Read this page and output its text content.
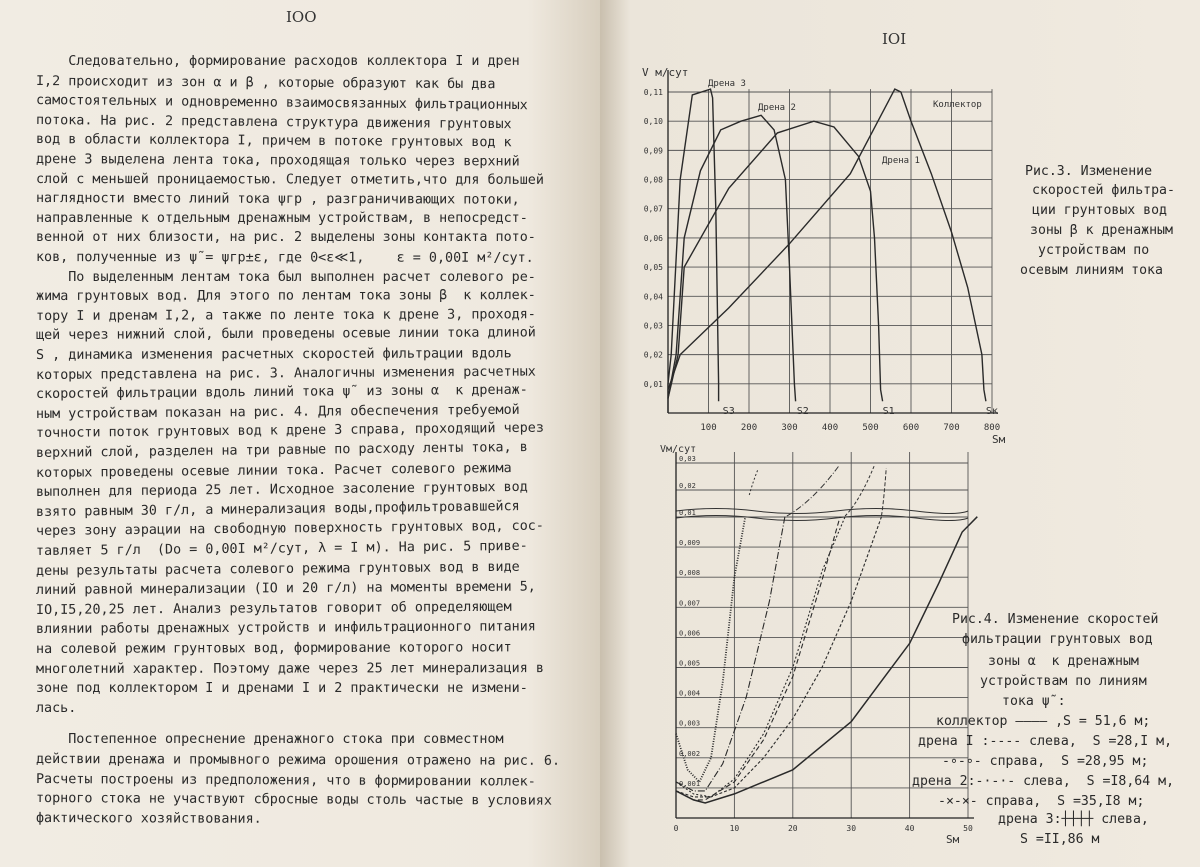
IOO
Следовательно, формирование расходов коллектора I и дрен
I,2 происходит из зон α и β , которые образуют как бы два
самостоятельных и одновременно взаимосвязанных фильтрационных
потока. На рис. 2 представлена структура движения грунтовых
вод в области коллектора I, причем в потоке грунтовых вод к
дрене 3 выделена лента тока, проходящая только через верхний
слой с меньшей проницаемостью. Следует отметить,что для большей
наглядности вместо линий тока ψгр , разграничивающих потоки,
направленные к отдельным дренажным устройствам, в непосредст-
венной от них близости, на рис. 2 выделены зоны контакта пото-
ков, полученные из ψ̃ = ψгр±ε, где 0<ε≪1,    ε = 0,00I м²/сут.
По выделенным лентам тока был выполнен расчет солевого ре-
жима грунтовых вод. Для этого по лентам тока зоны β  к коллек-
тору I и дренам I,2, а также по ленте тока к дрене 3, проходя-
щей через нижний слой, были проведены осевые линии тока длиной
S , динамика изменения расчетных скоростей фильтрации вдоль
которых представлена на рис. 3. Аналогичны изменения расчетных
скоростей фильтрации вдоль линий тока ψ̃  из зоны α  к дренаж-
ным устройствам показан на рис. 4. Для обеспечения требуемой
точности поток грунтовых вод к дрене 3 справа, проходящий через
верхний слой, разделен на три равные по расходу ленты тока, в
которых проведены осевые линии тока. Расчет солевого режима
выполнен для периода 25 лет. Исходное засоление грунтовых вод
взято равным 30 г/л, а минерализация воды,профильтровавшейся
через зону аэрации на свободную поверхность грунтовых вод, сос-
тавляет 5 г/л  (Dо = 0,00I м²/сут, λ = I м). На рис. 5 приве-
дены результаты расчета солевого режима грунтовых вод в виде
линий равной минерализации (IO и 20 г/л) на моменты времени 5,
IO,I5,20,25 лет. Анализ результатов говорит об определяющем
влиянии работы дренажных устройств и инфильтрационного питания
на солевой режим грунтовых вод, формирование которого носит
многолетний характер. Поэтому даже через 25 лет минерализация в
зоне под коллектором I и дренами I и 2 практически не измени-
лась.
Постепенное опреснение дренажного стока при совместном
действии дренажа и промывного режима орошения отражено на рис. 6.
Расчеты построены из предположения, что в формировании коллек-
торного стока не участвуют сбросные воды столь частые в условиях
фактического хозяйствования.
IOI
100	200	300	400	500	600	700	800
0,11
0,10
0,09
0,08
0,07
0,06
0,05
0,04
0,03
0,02
0,01
V м/сут
Sм
Дрена 3
Дрена 2
Дрена 1
Коллектор
S3	S2	S1	Sк
0	10	20	30	40	50
0,03
0,02
0,01
0,009
0,008
0,007
0,006
0,005
0,004
0,003
0,002
0,001
Vм/сут
Sм
Рис.3. Изменение
скоростей фильтра-
ции грунтовых вод
зоны β к дренажным
устройствам по
осевым линиям тока
Рис.4. Изменение скоростей
фильтрации грунтовых вод
зоны α  к дренажным
устройствам по линиям
тока ψ̃ :
коллектор ———— ,S = 51,6 м;
дрена I :---- слева,  S =28,I м,
-∘-∘- справа,  S =28,95 м;
дрена 2:-·-·- слева,  S =I8,64 м,
-×-×- справа,  S =35,I8 м;
дрена 3:┼┼┼┼ слева,
S =II,86 м
